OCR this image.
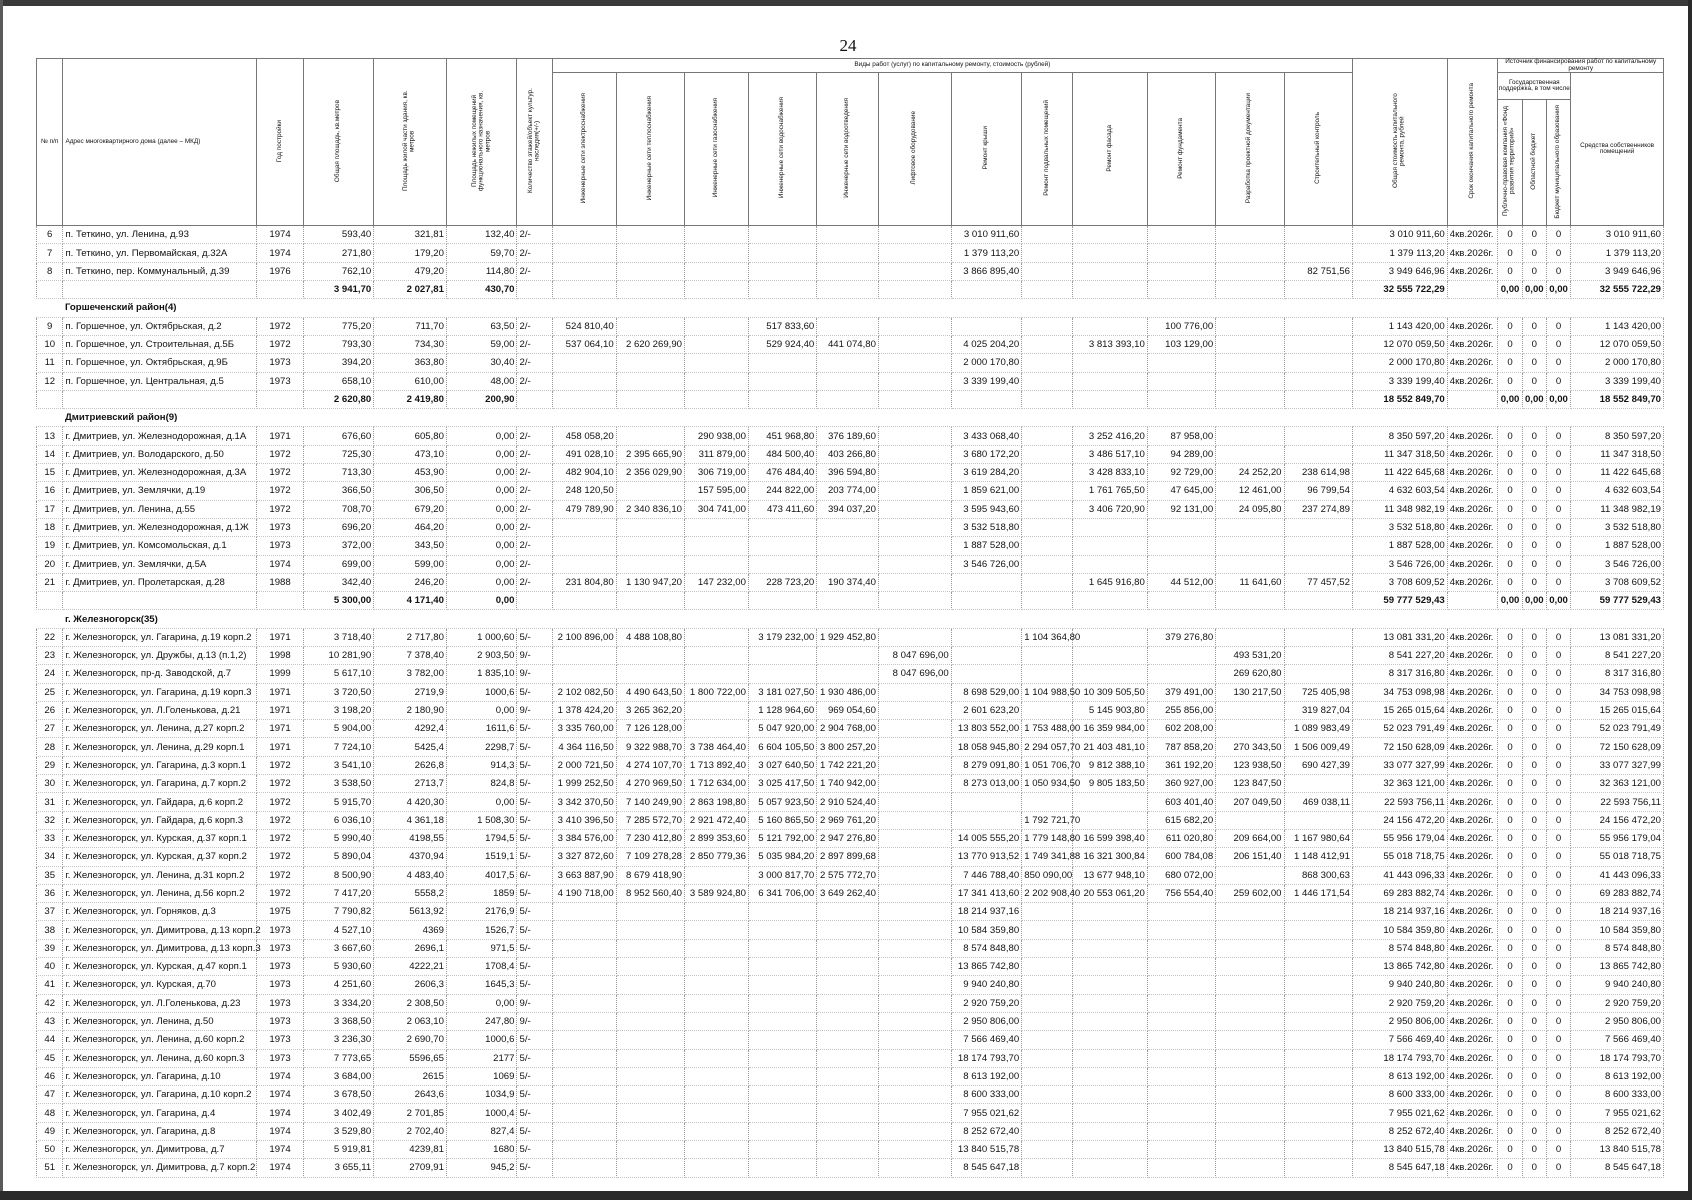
24
№ п/п	Адрес многоквартирного дома (далее – МКД)	Год постройки	Общая площадь, кв.метров	Площадь жилой части здания, кв. метров	Площадь нежилых помещений функционального назначения, кв. метров	Количество этажей/объект культур. наследия(+/-)	Виды работ (услуг) по капитальному ремонту, стоимость (рублей)												Общая стоимость капитального ремонта, рублей	Срок окончания капитального ремонта	Источник финансирования работ по капитальному ремонту			
							Инженерные сети электроснабжения	Инженерные сети теплоснабжения	Инженерные сети газоснабжения	Инженерные сети водоснабжения	Инженерные сети водоотведения	Лифтовое оборудование	Ремонт крыши	Ремонт подвальных помещений	Ремонт фасада	Ремонт фундамента	Разработка проектной документации	Строительный контроль			Государственная поддержка, в том числе			Средства собственников помещений
																					Публично-правовая компания «Фонд развития территорий»	Областной бюджет	Бюджет муниципального образования	
6	п. Теткино, ул. Ленина, д.93	1974	593,40	321,81	132,40	2/-							3 010 911,60						3 010 911,60	4кв.2026г.	0	0	0	3 010 911,60
7	п. Теткино, ул. Первомайская, д.32А	1974	271,80	179,20	59,70	2/-							1 379 113,20						1 379 113,20	4кв.2026г.	0	0	0	1 379 113,20
8	п. Теткино, пер. Коммунальный, д.39	1976	762,10	479,20	114,80	2/-							3 866 895,40					82 751,56	3 949 646,96	4кв.2026г.	0	0	0	3 949 646,96
			3 941,70	2 027,81	430,70														32 555 722,29		0,00	0,00	0,00	32 555 722,29
	Горшеченский район(4)																							
9	п. Горшечное, ул. Октябрьская, д.2	1972	775,20	711,70	63,50	2/-	524 810,40			517 833,60						100 776,00			1 143 420,00	4кв.2026г.	0	0	0	1 143 420,00
10	п. Горшечное, ул. Строительная, д.5Б	1972	793,30	734,30	59,00	2/-	537 064,10	2 620 269,90		529 924,40	441 074,80		4 025 204,20		3 813 393,10	103 129,00			12 070 059,50	4кв.2026г.	0	0	0	12 070 059,50
11	п. Горшечное, ул. Октябрьская, д.9Б	1973	394,20	363,80	30,40	2/-							2 000 170,80						2 000 170,80	4кв.2026г.	0	0	0	2 000 170,80
12	п. Горшечное, ул. Центральная, д.5	1973	658,10	610,00	48,00	2/-							3 339 199,40						3 339 199,40	4кв.2026г.	0	0	0	3 339 199,40
			2 620,80	2 419,80	200,90														18 552 849,70		0,00	0,00	0,00	18 552 849,70
	Дмитриевский район(9)																							
13	г. Дмитриев, ул. Железнодорожная, д.1А	1971	676,60	605,80	0,00	2/-	458 058,20		290 938,00	451 968,80	376 189,60		3 433 068,40		3 252 416,20	87 958,00			8 350 597,20	4кв.2026г.	0	0	0	8 350 597,20
14	г. Дмитриев, ул. Володарского, д.50	1972	725,30	473,10	0,00	2/-	491 028,10	2 395 665,90	311 879,00	484 500,40	403 266,80		3 680 172,20		3 486 517,10	94 289,00			11 347 318,50	4кв.2026г.	0	0	0	11 347 318,50
15	г. Дмитриев, ул. Железнодорожная, д.3А	1972	713,30	453,90	0,00	2/-	482 904,10	2 356 029,90	306 719,00	476 484,40	396 594,80		3 619 284,20		3 428 833,10	92 729,00	24 252,20	238 614,98	11 422 645,68	4кв.2026г.	0	0	0	11 422 645,68
16	г. Дмитриев, ул. Землячки, д.19	1972	366,50	306,50	0,00	2/-	248 120,50		157 595,00	244 822,00	203 774,00		1 859 621,00		1 761 765,50	47 645,00	12 461,00	96 799,54	4 632 603,54	4кв.2026г.	0	0	0	4 632 603,54
17	г. Дмитриев, ул. Ленина, д.55	1972	708,70	679,20	0,00	2/-	479 789,90	2 340 836,10	304 741,00	473 411,60	394 037,20		3 595 943,60		3 406 720,90	92 131,00	24 095,80	237 274,89	11 348 982,19	4кв.2026г.	0	0	0	11 348 982,19
18	г. Дмитриев, ул. Железнодорожная, д.1Ж	1973	696,20	464,20	0,00	2/-							3 532 518,80						3 532 518,80	4кв.2026г.	0	0	0	3 532 518,80
19	г. Дмитриев, ул. Комсомольская, д.1	1973	372,00	343,50	0,00	2/-							1 887 528,00						1 887 528,00	4кв.2026г.	0	0	0	1 887 528,00
20	г. Дмитриев, ул. Землячки, д.5А	1974	699,00	599,00	0,00	2/-							3 546 726,00						3 546 726,00	4кв.2026г.	0	0	0	3 546 726,00
21	г. Дмитриев, ул. Пролетарская, д.28	1988	342,40	246,20	0,00	2/-	231 804,80	1 130 947,20	147 232,00	228 723,20	190 374,40				1 645 916,80	44 512,00	11 641,60	77 457,52	3 708 609,52	4кв.2026г.	0	0	0	3 708 609,52
			5 300,00	4 171,40	0,00														59 777 529,43		0,00	0,00	0,00	59 777 529,43
	г. Железногорск(35)																							
22	г. Железногорск, ул. Гагарина, д.19 корп.2	1971	3 718,40	2 717,80	1 000,60	5/-	2 100 896,00	4 488 108,80		3 179 232,00	1 929 452,80			1 104 364,80		379 276,80			13 081 331,20	4кв.2026г.	0	0	0	13 081 331,20
23	г. Железногорск, ул. Дружбы, д.13 (п.1,2)	1998	10 281,90	7 378,40	2 903,50	9/-						8 047 696,00					493 531,20		8 541 227,20	4кв.2026г.	0	0	0	8 541 227,20
24	г. Железногорск, пр-д. Заводской, д.7	1999	5 617,10	3 782,00	1 835,10	9/-						8 047 696,00					269 620,80		8 317 316,80	4кв.2026г.	0	0	0	8 317 316,80
25	г. Железногорск, ул. Гагарина, д.19 корп.3	1971	3 720,50	2719,9	1000,6	5/-	2 102 082,50	4 490 643,50	1 800 722,00	3 181 027,50	1 930 486,00		8 698 529,00	1 104 988,50	10 309 505,50	379 491,00	130 217,50	725 405,98	34 753 098,98	4кв.2026г.	0	0	0	34 753 098,98
26	г. Железногорск, ул. Л.Голенькова, д.21	1971	3 198,20	2 180,90	0,00	9/-	1 378 424,20	3 265 362,20		1 128 964,60	969 054,60		2 601 623,20		5 145 903,80	255 856,00		319 827,04	15 265 015,64	4кв.2026г.	0	0	0	15 265 015,64
27	г. Железногорск, ул. Ленина, д.27 корп.2	1971	5 904,00	4292,4	1611,6	5/-	3 335 760,00	7 126 128,00		5 047 920,00	2 904 768,00		13 803 552,00	1 753 488,00	16 359 984,00	602 208,00		1 089 983,49	52 023 791,49	4кв.2026г.	0	0	0	52 023 791,49
28	г. Железногорск, ул. Ленина, д.29 корп.1	1971	7 724,10	5425,4	2298,7	5/-	4 364 116,50	9 322 988,70	3 738 464,40	6 604 105,50	3 800 257,20		18 058 945,80	2 294 057,70	21 403 481,10	787 858,20	270 343,50	1 506 009,49	72 150 628,09	4кв.2026г.	0	0	0	72 150 628,09
29	г. Железногорск, ул. Гагарина, д.3 корп.1	1972	3 541,10	2626,8	914,3	5/-	2 000 721,50	4 274 107,70	1 713 892,40	3 027 640,50	1 742 221,20		8 279 091,80	1 051 706,70	9 812 388,10	361 192,20	123 938,50	690 427,39	33 077 327,99	4кв.2026г.	0	0	0	33 077 327,99
30	г. Железногорск, ул. Гагарина, д.7 корп.2	1972	3 538,50	2713,7	824,8	5/-	1 999 252,50	4 270 969,50	1 712 634,00	3 025 417,50	1 740 942,00		8 273 013,00	1 050 934,50	9 805 183,50	360 927,00	123 847,50		32 363 121,00	4кв.2026г.	0	0	0	32 363 121,00
31	г. Железногорск, ул. Гайдара, д.6 корп.2	1972	5 915,70	4 420,30	0,00	5/-	3 342 370,50	7 140 249,90	2 863 198,80	5 057 923,50	2 910 524,40					603 401,40	207 049,50	469 038,11	22 593 756,11	4кв.2026г.	0	0	0	22 593 756,11
32	г. Железногорск, ул. Гайдара, д.6 корп.3	1972	6 036,10	4 361,18	1 508,30	5/-	3 410 396,50	7 285 572,70	2 921 472,40	5 160 865,50	2 969 761,20			1 792 721,70		615 682,20			24 156 472,20	4кв.2026г.	0	0	0	24 156 472,20
33	г. Железногорск, ул. Курская, д.37 корп.1	1972	5 990,40	4198,55	1794,5	5/-	3 384 576,00	7 230 412,80	2 899 353,60	5 121 792,00	2 947 276,80		14 005 555,20	1 779 148,80	16 599 398,40	611 020,80	209 664,00	1 167 980,64	55 956 179,04	4кв.2026г.	0	0	0	55 956 179,04
34	г. Железногорск, ул. Курская, д.37 корп.2	1972	5 890,04	4370,94	1519,1	5/-	3 327 872,60	7 109 278,28	2 850 779,36	5 035 984,20	2 897 899,68		13 770 913,52	1 749 341,88	16 321 300,84	600 784,08	206 151,40	1 148 412,91	55 018 718,75	4кв.2026г.	0	0	0	55 018 718,75
35	г. Железногорск, ул. Ленина, д.31 корп.2	1972	8 500,90	4 483,40	4017,5	6/-	3 663 887,90	8 679 418,90		3 000 817,70	2 575 772,70		7 446 788,40	850 090,00	13 677 948,10	680 072,00		868 300,63	41 443 096,33	4кв.2026г.	0	0	0	41 443 096,33
36	г. Железногорск, ул. Ленина, д.56 корп.2	1972	7 417,20	5558,2	1859	5/-	4 190 718,00	8 952 560,40	3 589 924,80	6 341 706,00	3 649 262,40		17 341 413,60	2 202 908,40	20 553 061,20	756 554,40	259 602,00	1 446 171,54	69 283 882,74	4кв.2026г.	0	0	0	69 283 882,74
37	г. Железногорск, ул. Горняков, д.3	1975	7 790,82	5613,92	2176,9	5/-							18 214 937,16						18 214 937,16	4кв.2026г.	0	0	0	18 214 937,16
38	г. Железногорск, ул. Димитрова, д.13 корп.2	1973	4 527,10	4369	1526,7	5/-							10 584 359,80						10 584 359,80	4кв.2026г.	0	0	0	10 584 359,80
39	г. Железногорск, ул. Димитрова, д.13 корп.3	1973	3 667,60	2696,1	971,5	5/-							8 574 848,80						8 574 848,80	4кв.2026г.	0	0	0	8 574 848,80
40	г. Железногорск, ул. Курская, д.47 корп.1	1973	5 930,60	4222,21	1708,4	5/-							13 865 742,80						13 865 742,80	4кв.2026г.	0	0	0	13 865 742,80
41	г. Железногорск, ул. Курская, д.70	1973	4 251,60	2606,3	1645,3	5/-							9 940 240,80						9 940 240,80	4кв.2026г.	0	0	0	9 940 240,80
42	г. Железногорск, ул. Л.Голенькова, д.23	1973	3 334,20	2 308,50	0,00	9/-							2 920 759,20						2 920 759,20	4кв.2026г.	0	0	0	2 920 759,20
43	г. Железногорск, ул. Ленина, д.50	1973	3 368,50	2 063,10	247,80	9/-							2 950 806,00						2 950 806,00	4кв.2026г.	0	0	0	2 950 806,00
44	г. Железногорск, ул. Ленина, д.60 корп.2	1973	3 236,30	2 690,70	1000,6	5/-							7 566 469,40						7 566 469,40	4кв.2026г.	0	0	0	7 566 469,40
45	г. Железногорск, ул. Ленина, д.60 корп.3	1973	7 773,65	5596,65	2177	5/-							18 174 793,70						18 174 793,70	4кв.2026г.	0	0	0	18 174 793,70
46	г. Железногорск, ул. Гагарина, д.10	1974	3 684,00	2615	1069	5/-							8 613 192,00						8 613 192,00	4кв.2026г.	0	0	0	8 613 192,00
47	г. Железногорск, ул. Гагарина, д.10 корп.2	1974	3 678,50	2643,6	1034,9	5/-							8 600 333,00						8 600 333,00	4кв.2026г.	0	0	0	8 600 333,00
48	г. Железногорск, ул. Гагарина, д.4	1974	3 402,49	2 701,85	1000,4	5/-							7 955 021,62						7 955 021,62	4кв.2026г.	0	0	0	7 955 021,62
49	г. Железногорск, ул. Гагарина, д.8	1974	3 529,80	2 702,40	827,4	5/-							8 252 672,40						8 252 672,40	4кв.2026г.	0	0	0	8 252 672,40
50	г. Железногорск, ул. Димитрова, д.7	1974	5 919,81	4239,81	1680	5/-							13 840 515,78						13 840 515,78	4кв.2026г.	0	0	0	13 840 515,78
51	г. Железногорск, ул. Димитрова, д.7 корп.2	1974	3 655,11	2709,91	945,2	5/-							8 545 647,18						8 545 647,18	4кв.2026г.	0	0	0	8 545 647,18
